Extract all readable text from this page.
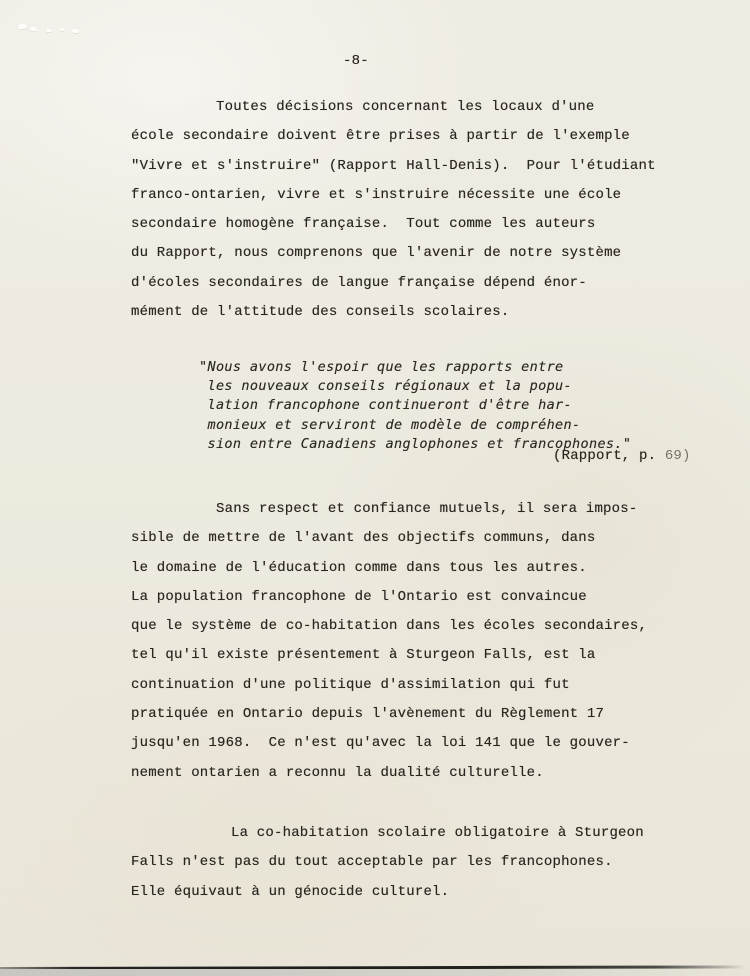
-8-
Toutes décisions concernant les locaux d'une
école secondaire doivent être prises à partir de l'exemple
"Vivre et s'instruire" (Rapport Hall-Denis).  Pour l'étudiant
franco-ontarien, vivre et s'instruire nécessite une école
secondaire homogène française.  Tout comme les auteurs
du Rapport, nous comprenons que l'avenir de notre système
d'écoles secondaires de langue française dépend énor-
mément de l'attitude des conseils scolaires.
"Nous avons l'espoir que les rapports entre
les nouveaux conseils régionaux et la popu-
lation francophone continueront d'être har-
monieux et serviront de modèle de compréhen-
sion entre Canadiens anglophones et francophones."
(Rapport, p. 69)
Sans respect et confiance mutuels, il sera impos-
sible de mettre de l'avant des objectifs communs, dans
le domaine de l'éducation comme dans tous les autres.
La population francophone de l'Ontario est convaincue
que le système de co-habitation dans les écoles secondaires,
tel qu'il existe présentement à Sturgeon Falls, est la
continuation d'une politique d'assimilation qui fut
pratiquée en Ontario depuis l'avènement du Règlement 17
jusqu'en 1968.  Ce n'est qu'avec la loi 141 que le gouver-
nement ontarien a reconnu la dualité culturelle.
La co-habitation scolaire obligatoire à Sturgeon
Falls n'est pas du tout acceptable par les francophones.
Elle équivaut à un génocide culturel.
